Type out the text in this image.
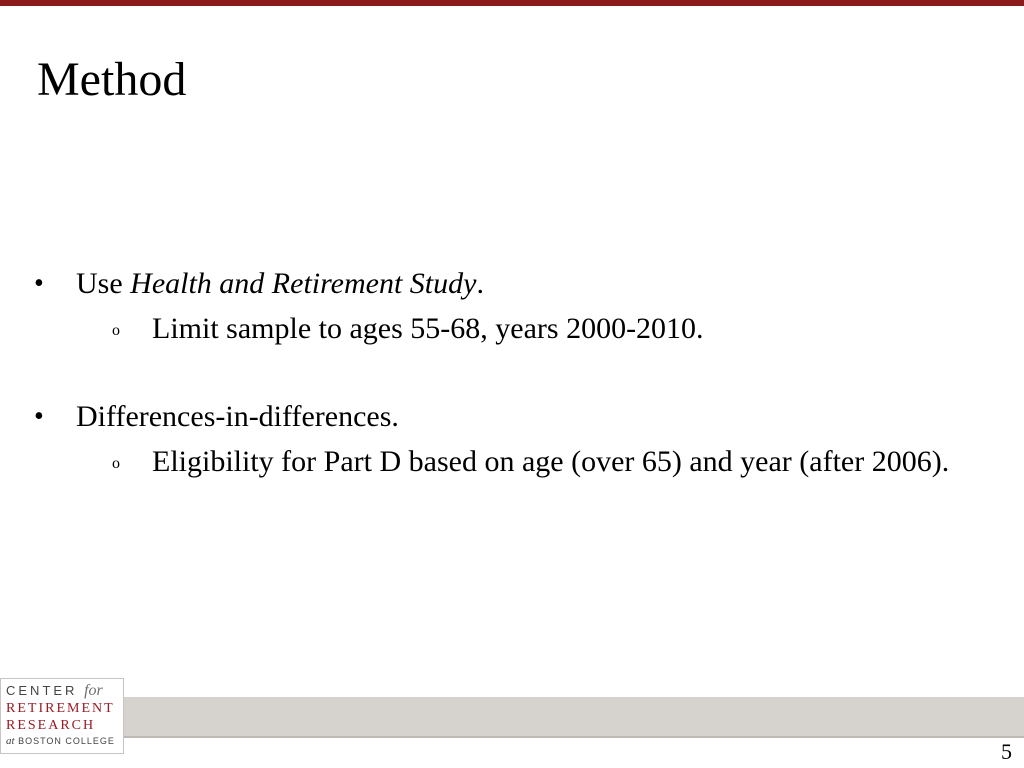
Method
• Use Health and Retirement Study.
o Limit sample to ages 55-68, years 2000-2010.
• Differences-in-differences.
o Eligibility for Part D based on age (over 65) and year (after 2006).
CENTER for
RETIREMENT
RESEARCH
at BOSTON COLLEGE	5
